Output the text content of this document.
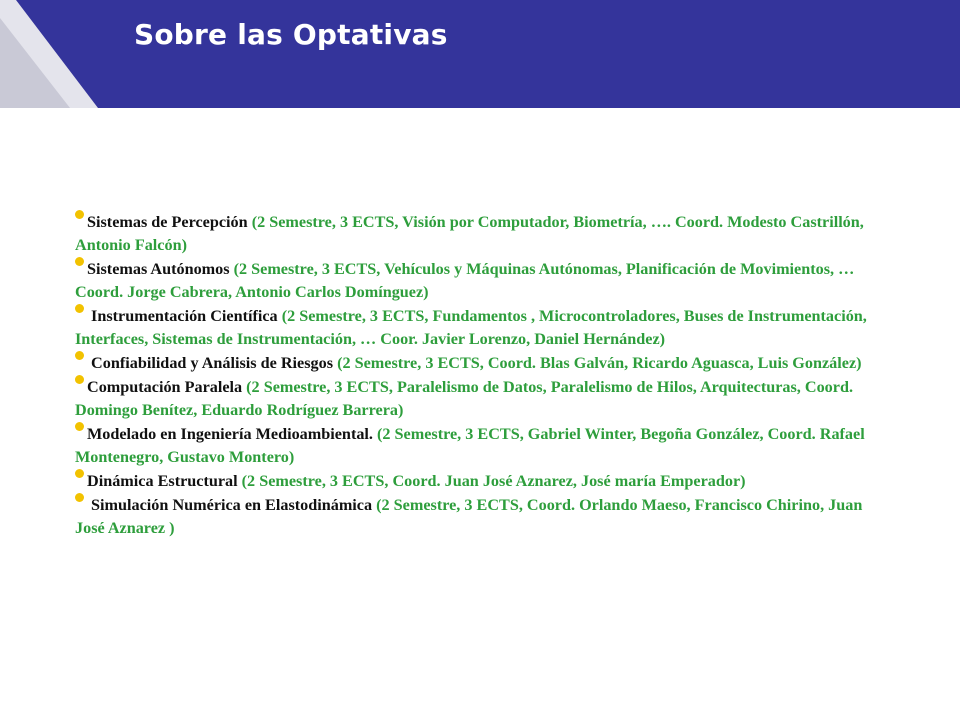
Sobre las Optativas

Sistemas de Percepción (2 Semestre, 3 ECTS, Visión por Computador, Biometría, …. Coord. Modesto Castrillón, Antonio Falcón)

Sistemas Autónomos (2 Semestre, 3 ECTS, Vehículos y Máquinas Autónomas, Planificación de Movimientos, … Coord. Jorge Cabrera, Antonio Carlos Domínguez)

Instrumentación Científica (2 Semestre, 3 ECTS, Fundamentos , Microcontroladores, Buses de Instrumentación, Interfaces, Sistemas de Instrumentación, … Coor. Javier Lorenzo, Daniel Hernández)

Confiabilidad y Análisis de Riesgos (2 Semestre, 3 ECTS, Coord. Blas Galván, Ricardo Aguasca, Luis González)

Computación Paralela (2 Semestre, 3 ECTS, Paralelismo de Datos, Paralelismo de Hilos, Arquitecturas, Coord. Domingo Benítez, Eduardo Rodríguez Barrera)

Modelado en Ingeniería Medioambiental. (2 Semestre, 3 ECTS, Gabriel Winter, Begoña González, Coord. Rafael Montenegro, Gustavo Montero)

Dinámica Estructural (2 Semestre, 3 ECTS, Coord. Juan José Aznarez, José maría Emperador)

Simulación Numérica en Elastodinámica (2 Semestre, 3 ECTS, Coord. Orlando Maeso, Francisco Chirino, Juan José Aznarez )
